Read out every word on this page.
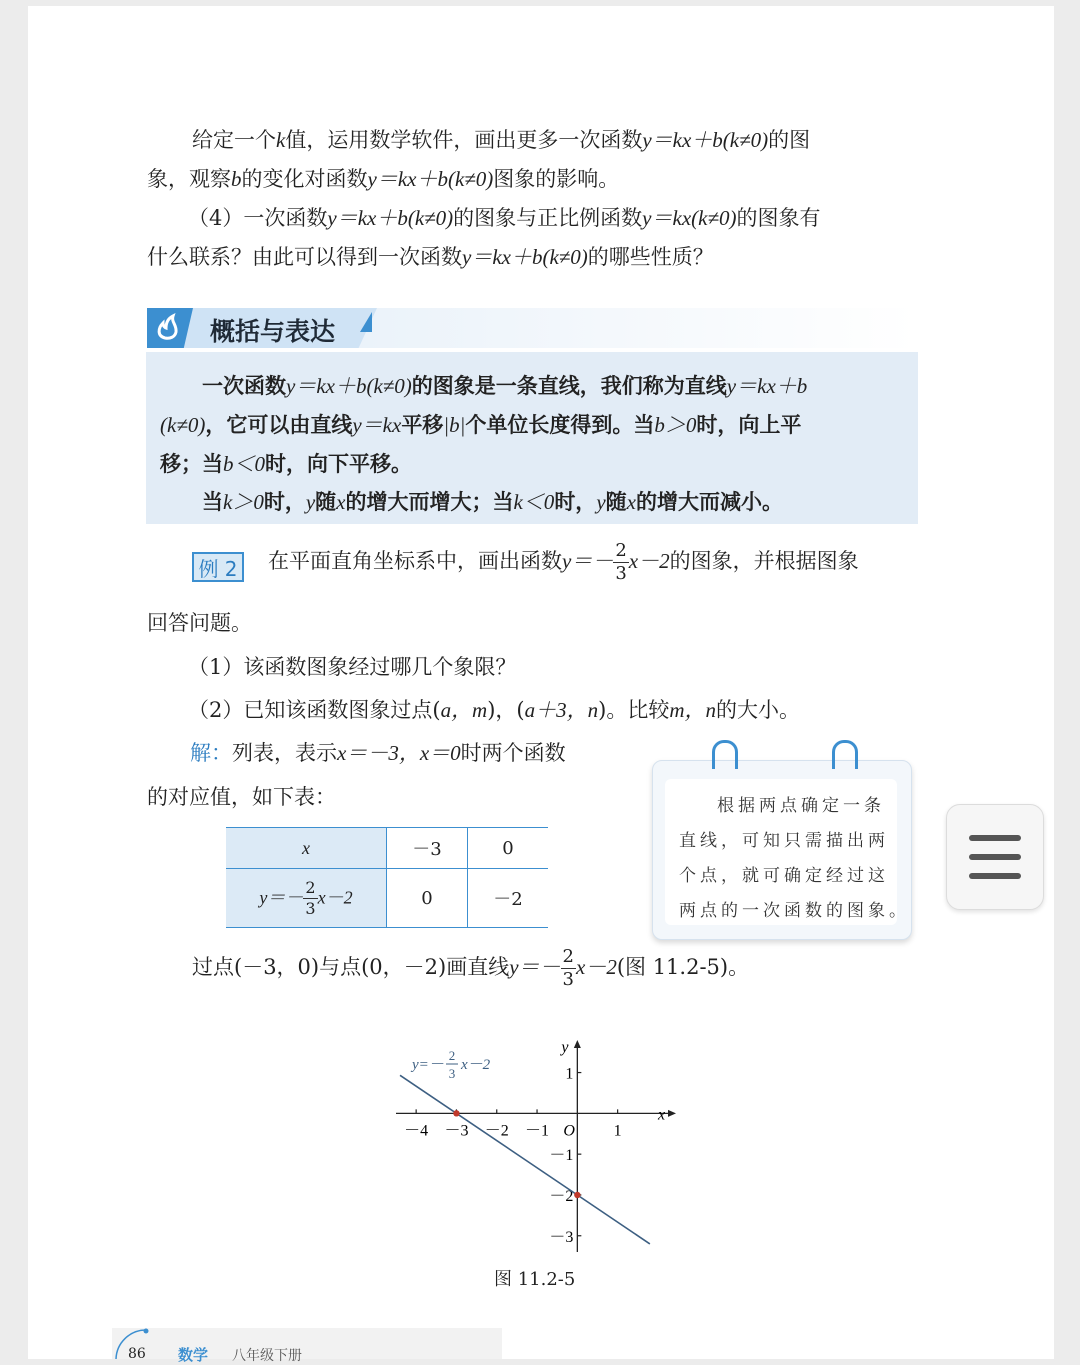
给定一个k值，运用数学软件，画出更多一次函数y＝kx＋b(k≠0)的图
象，观察b的变化对函数y＝kx＋b(k≠0)图象的影响。
（4）一次函数y＝kx＋b(k≠0)的图象与正比例函数y＝kx(k≠0)的图象有
什么联系？由此可以得到一次函数y＝kx＋b(k≠0)的哪些性质？
概括与表达
一次函数y＝kx＋b(k≠0)的图象是一条直线，我们称为直线y＝kx＋b
(k≠0)，它可以由直线y＝kx平移|b|个单位长度得到。当b＞0时，向上平
移；当b＜0时，向下平移。
当k＞0时，y随x的增大而增大；当k＜0时，y随x的增大而减小。
例 2	在平面直角坐标系中，画出函数$y=- \frac{2}{3} x-2$的图象，并根据图象
回答问题。
（1）该函数图象经过哪几个象限？
（2）已知该函数图象过点(a，m)，(a＋3，n)。比较m，n的大小。
解：列表，表示x＝－3，x＝0时两个函数
的对应值，如下表：
x	－3	0
$y=- \frac{2}{3} x-2$	0	－2
根据两点确定一条
直线，可知只需描出两
个点，就可确定经过这
两点的一次函数的图象。
过点(－3，0)与点(0，－2)画直线$y=- \frac{2}{3} x-2$(图 11.2-5)。
x
y
O
－4 －3 －2 －1	1
1
－1
－2
－3
y=－
2
3
x－2
图 11.2-5
86 数学 八年级下册
